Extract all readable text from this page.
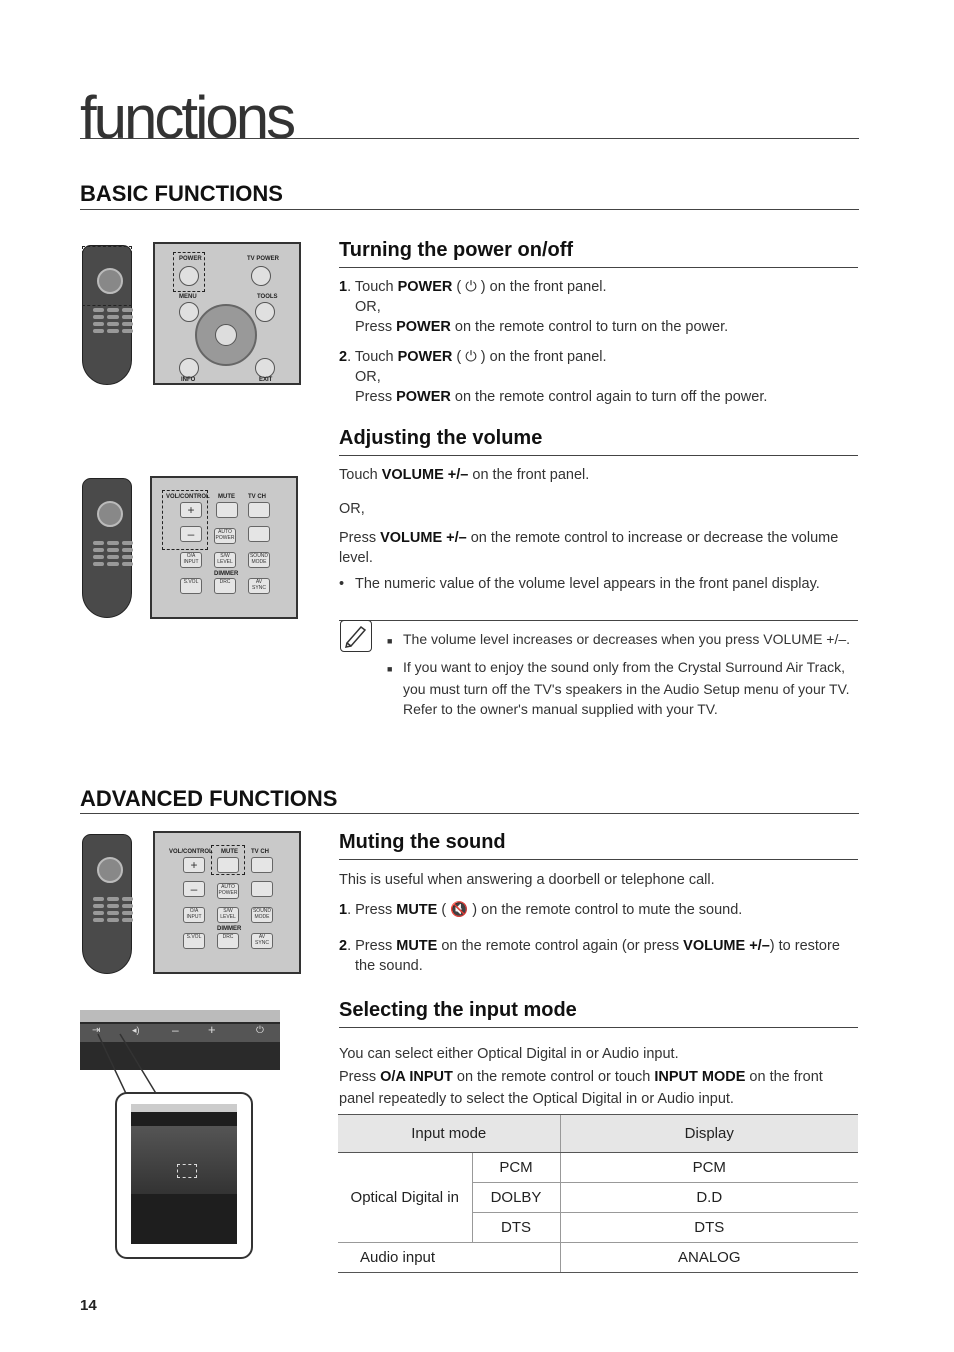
functions
BASIC FUNCTIONS
POWER	TV POWER
MENU	TOOLS
INFO	EXIT
Turning the power on/off
1. Touch POWER ( ⏻ ) on the front panel.
OR,
Press POWER on the remote control to turn on the power.
2. Touch POWER ( ⏻ ) on the front panel.
OR,
Press POWER on the remote control again to turn off the power.
VOL/CONTROL MUTE TV CH
+
–	AUTO POWER
O/A INPUT
S/W LEVEL
SOUND MODE
DIMMER
S.VOL	DRC	AV SYNC
Adjusting the volume
Touch VOLUME +/– on the front panel.
OR,
Press VOLUME +/– on the remote control to increase or decrease the volume level.
• The numeric value of the volume level appears in the front panel display.
■ The volume level increases or decreases when you press VOLUME +/–.
■ If you want to enjoy the sound only from the Crystal Surround Air Track, you must turn off the TV's speakers in the Audio Setup menu of your TV. Refer to the owner's manual supplied with your TV.
ADVANCED FUNCTIONS
VOL/CONTROL MUTE TV CH
+
–	AUTO POWER
O/A INPUT
S/W LEVEL
SOUND MODE
DIMMER
S.VOL	DRC	AV SYNC
Muting the sound
This is useful when answering a doorbell or telephone call.
1. Press MUTE ( 🔇 ) on the remote control to mute the sound.
2. Press MUTE on the remote control again (or press VOLUME +/–) to restore the sound.
⇥	◂)	– +	⏻
Selecting the input mode
You can select either Optical Digital in or Audio input.
Press O/A INPUT on the remote control or touch INPUT MODE on the front panel repeatedly to select the Optical Digital in or Audio input.
Input mode		Display
Optical Digital in	PCM	PCM
	DOLBY	D.D
	DTS	DTS
Audio input		ANALOG
14
